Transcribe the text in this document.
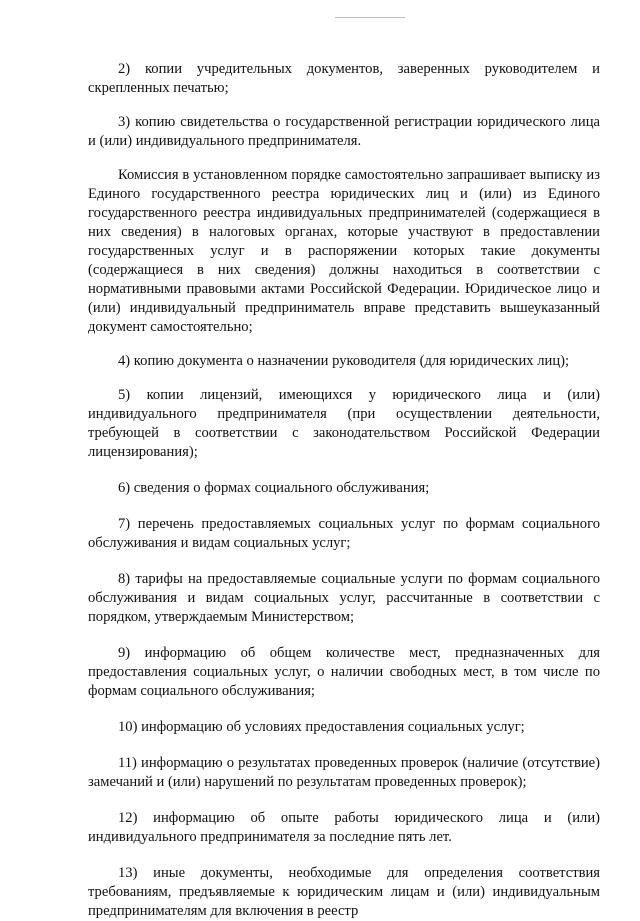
2) копии учредительных документов, заверенных руководителем и скрепленных печатью;

3) копию свидетельства о государственной регистрации юридического лица и (или) индивидуального предпринимателя.

Комиссия в установленном порядке самостоятельно запрашивает выписку из Единого государственного реестра юридических лиц и (или) из Единого государственного реестра индивидуальных предпринимателей (содержащиеся в них сведения) в налоговых органах, которые участвуют в предоставлении государственных услуг и в распоряжении которых такие документы (содержащиеся в них сведения) должны находиться в соответствии с нормативными правовыми актами Российской Федерации. Юридическое лицо и (или) индивидуальный предприниматель вправе представить вышеуказанный документ самостоятельно;

4) копию документа о назначении руководителя (для юридических лиц);

5) копии лицензий, имеющихся у юридического лица и (или) индивидуального предпринимателя (при осуществлении деятельности, требующей в соответствии с законодательством Российской Федерации лицензирования);

6) сведения о формах социального обслуживания;

7) перечень предоставляемых социальных услуг по формам социального обслуживания и видам социальных услуг;

8) тарифы на предоставляемые социальные услуги по формам социального обслуживания и видам социальных услуг, рассчитанные в соответствии с порядком, утверждаемым Министерством;

9) информацию об общем количестве мест, предназначенных для предоставления социальных услуг, о наличии свободных мест, в том числе по формам социального обслуживания;

10) информацию об условиях предоставления социальных услуг;

11) информацию о результатах проведенных проверок (наличие (отсутствие) замечаний и (или) нарушений по результатам проведенных проверок);

12) информацию об опыте работы юридического лица и (или) индивидуального предпринимателя за последние пять лет.

13) иные документы, необходимые для определения соответствия требованиям, предъявляемые к юридическим лицам и (или) индивидуальным предпринимателям для включения в реестр
